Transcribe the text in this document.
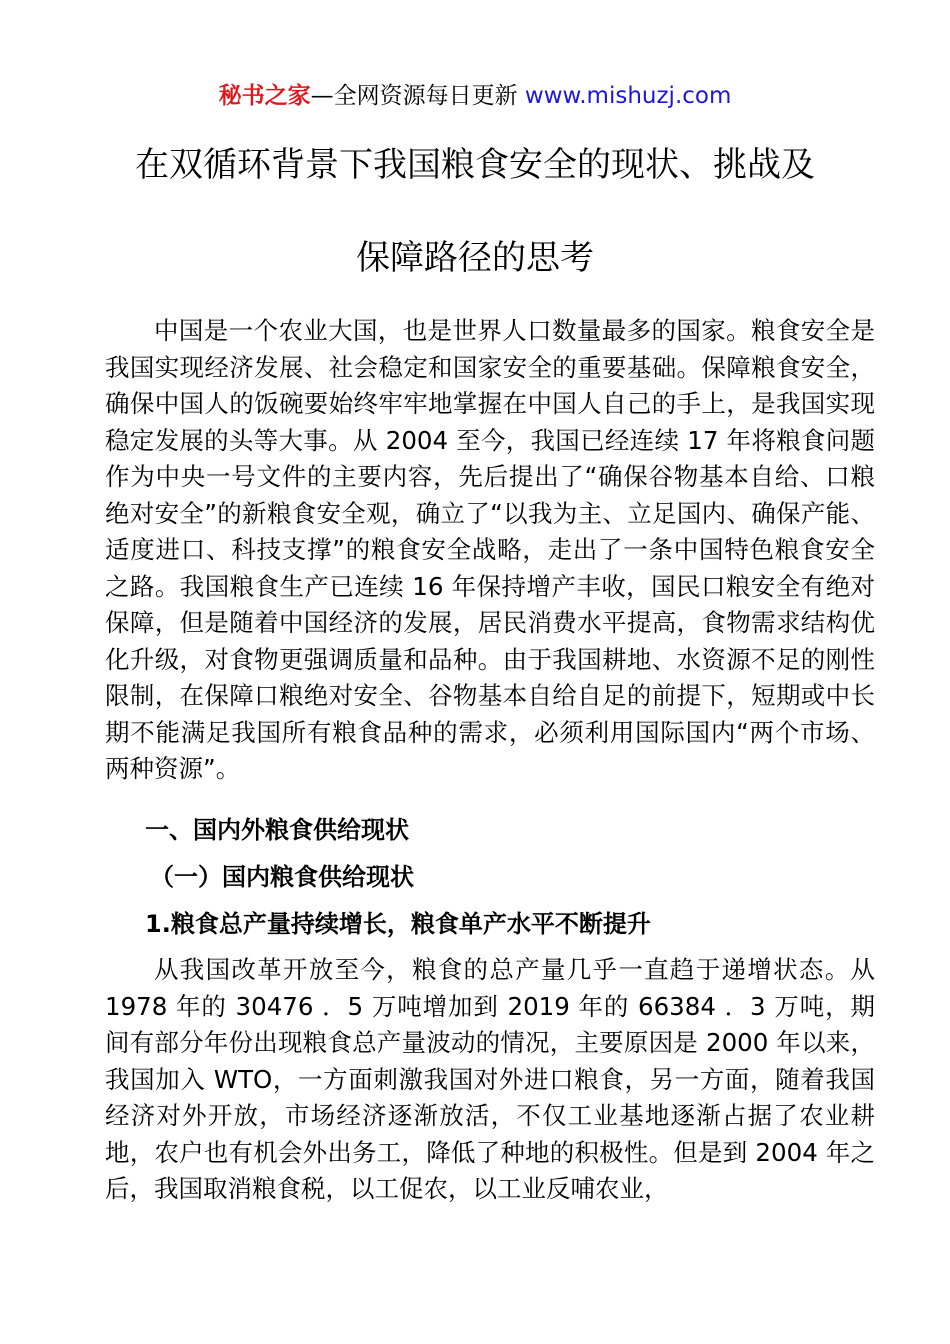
秘书之家—全网资源每日更新 www.mishuzj.com
在双循环背景下我国粮食安全的现状、挑战及
保障路径的思考
中国是一个农业大国，也是世界人口数量最多的国家。粮食安全是我国实现经济发展、社会稳定和国家安全的重要基础。保障粮食安全，确保中国人的饭碗要始终牢牢地掌握在中国人自己的手上，是我国实现稳定发展的头等大事。从 2004 至今，我国已经连续 17 年将粮食问题作为中央一号文件的主要内容，先后提出了“确保谷物基本自给、口粮绝对安全”的新粮食安全观，确立了“以我为主、立足国内、确保产能、适度进口、科技支撑”的粮食安全战略，走出了一条中国特色粮食安全之路。我国粮食生产已连续 16 年保持增产丰收，国民口粮安全有绝对保障，但是随着中国经济的发展，居民消费水平提高，食物需求结构优化升级，对食物更强调质量和品种。由于我国耕地、水资源不足的刚性限制，在保障口粮绝对安全、谷物基本自给自足的前提下，短期或中长期不能满足我国所有粮食品种的需求，必须利用国际国内“两个市场、两种资源”。
一、国内外粮食供给现状
（一）国内粮食供给现状
1.粮食总产量持续增长，粮食单产水平不断提升
从我国改革开放至今，粮食的总产量几乎一直趋于递增状态。从 1978 年的 30476 ．5 万吨增加到 2019 年的 66384 ．3 万吨，期间有部分年份出现粮食总产量波动的情况，主要原因是 2000 年以来，我国加入 WTO，一方面刺激我国对外进口粮食，另一方面，随着我国经济对外开放，市场经济逐渐放活，不仅工业基地逐渐占据了农业耕地，农户也有机会外出务工，降低了种地的积极性。但是到 2004 年之后，我国取消粮食税，以工促农，以工业反哺农业，
